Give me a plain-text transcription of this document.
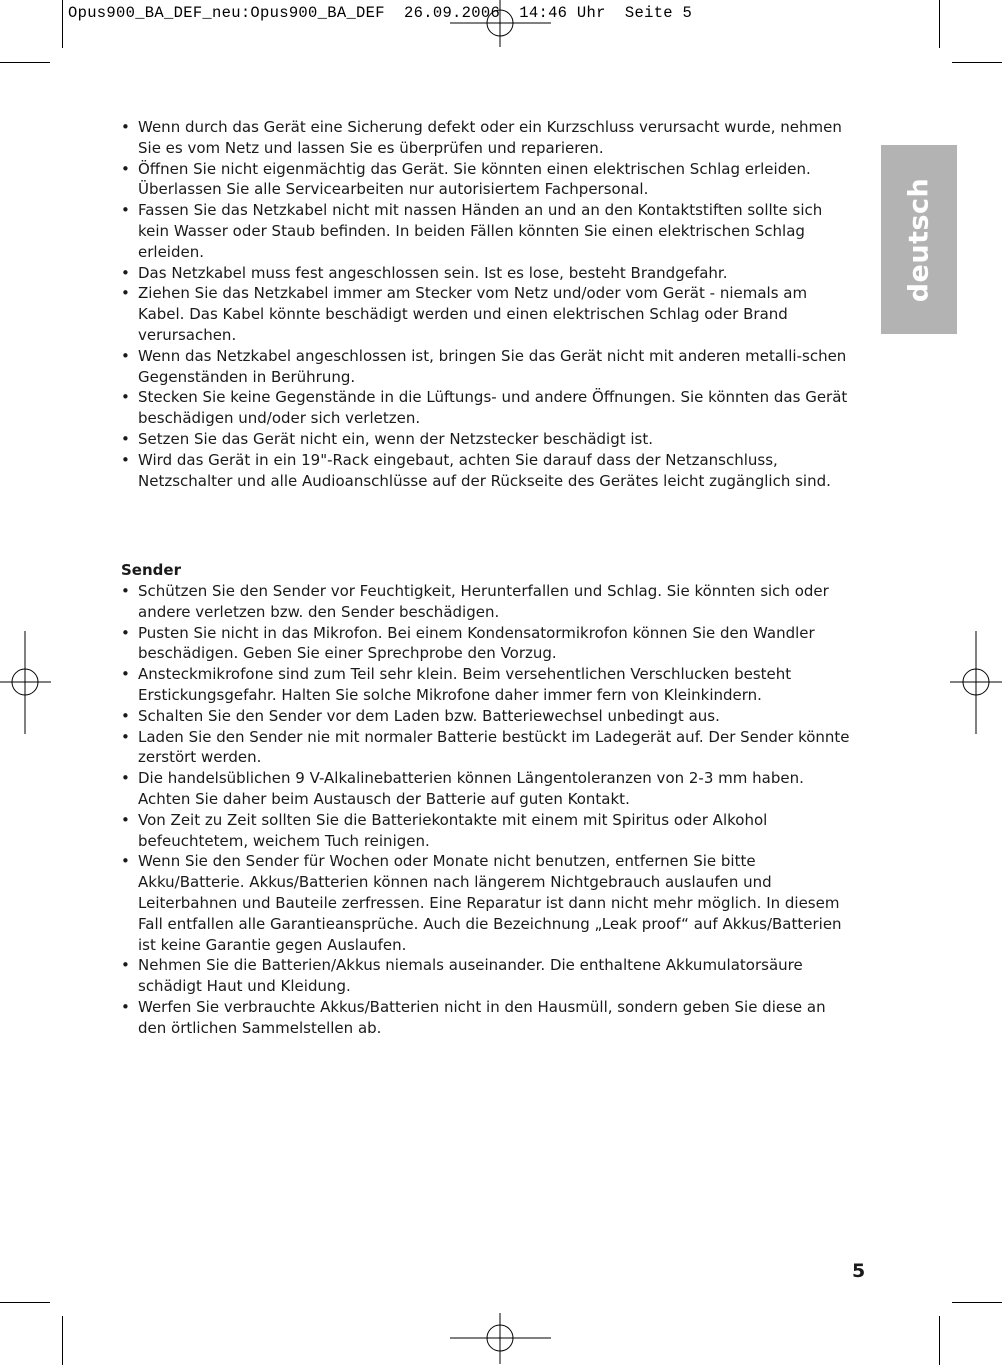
Opus900_BA_DEF_neu:Opus900_BA_DEF  26.09.2006  14:46 Uhr  Seite 5
deutsch
• Wenn durch das Gerät eine Sicherung defekt oder ein Kurzschluss verursacht wurde, nehmen Sie es vom Netz und lassen Sie es überprüfen und reparieren.
• Öffnen Sie nicht eigenmächtig das Gerät. Sie könnten einen elektrischen Schlag erleiden. Überlassen Sie alle Servicearbeiten nur autorisiertem Fachpersonal.
• Fassen Sie das Netzkabel nicht mit nassen Händen an und an den Kontaktstiften sollte sich kein Wasser oder Staub befinden. In beiden Fällen könnten Sie einen elektrischen Schlag erleiden.
• Das Netzkabel muss fest angeschlossen sein. Ist es lose, besteht Brandgefahr.
• Ziehen Sie das Netzkabel immer am Stecker vom Netz und/oder vom Gerät - niemals am Kabel. Das Kabel könnte beschädigt werden und einen elektrischen Schlag oder Brand verursachen.
• Wenn das Netzkabel angeschlossen ist, bringen Sie das Gerät nicht mit anderen metalli-schen Gegenständen in Berührung.
• Stecken Sie keine Gegenstände in die Lüftungs- und andere Öffnungen. Sie könnten das Gerät beschädigen und/oder sich verletzen.
• Setzen Sie das Gerät nicht ein, wenn der Netzstecker beschädigt ist.
• Wird das Gerät in ein 19"-Rack eingebaut, achten Sie darauf dass der Netzanschluss, Netzschalter und alle Audioanschlüsse auf der Rückseite des Gerätes leicht zugänglich sind.
Sender
• Schützen Sie den Sender vor Feuchtigkeit, Herunterfallen und Schlag. Sie könnten sich oder andere verletzen bzw. den Sender beschädigen.
• Pusten Sie nicht in das Mikrofon. Bei einem Kondensatormikrofon können Sie den Wandler beschädigen. Geben Sie einer Sprechprobe den Vorzug.
• Ansteckmikrofone sind zum Teil sehr klein. Beim versehentlichen Verschlucken besteht Erstickungsgefahr. Halten Sie solche Mikrofone daher immer fern von Kleinkindern.
• Schalten Sie den Sender vor dem Laden bzw. Batteriewechsel unbedingt aus.
• Laden Sie den Sender nie mit normaler Batterie bestückt im Ladegerät auf. Der Sender könnte zerstört werden.
• Die handelsüblichen 9 V-Alkalinebatterien können Längentoleranzen von 2-3 mm haben. Achten Sie daher beim Austausch der Batterie auf guten Kontakt.
• Von Zeit zu Zeit sollten Sie die Batteriekontakte mit einem mit Spiritus oder Alkohol befeuchtetem, weichem Tuch reinigen.
• Wenn Sie den Sender für Wochen oder Monate nicht benutzen, entfernen Sie bitte Akku/Batterie. Akkus/Batterien können nach längerem Nichtgebrauch auslaufen und Leiterbahnen und Bauteile zerfressen. Eine Reparatur ist dann nicht mehr möglich. In diesem Fall entfallen alle Garantieansprüche. Auch die Bezeichnung „Leak proof“ auf Akkus/Batterien ist keine Garantie gegen Auslaufen.
• Nehmen Sie die Batterien/Akkus niemals auseinander. Die enthaltene Akkumulatorsäure schädigt Haut und Kleidung.
• Werfen Sie verbrauchte Akkus/Batterien nicht in den Hausmüll, sondern geben Sie diese an den örtlichen Sammelstellen ab.
5
